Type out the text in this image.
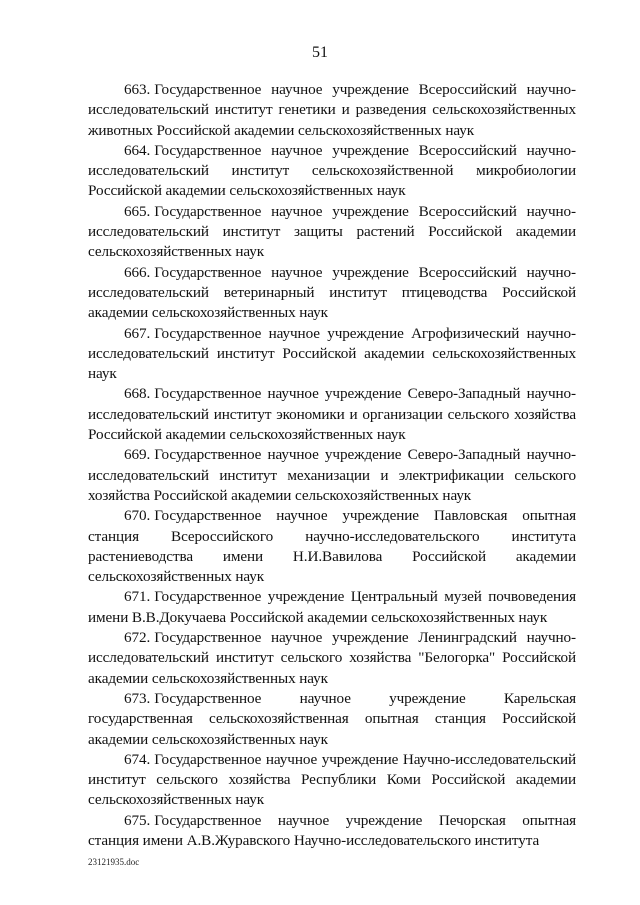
51

663. Государственное научное учреждение Всероссийский научно-исследовательский институт генетики и разведения сельскохозяйственных животных Российской академии сельскохозяйственных наук

664. Государственное научное учреждение Всероссийский научно-исследовательский институт сельскохозяйственной микробиологии Российской академии сельскохозяйственных наук

665. Государственное научное учреждение Всероссийский научно-исследовательский институт защиты растений Российской академии сельскохозяйственных наук

666. Государственное научное учреждение Всероссийский научно-исследовательский ветеринарный институт птицеводства Российской академии сельскохозяйственных наук

667. Государственное научное учреждение Агрофизический научно-исследовательский институт Российской академии сельскохозяйственных наук

668. Государственное научное учреждение Северо-Западный научно-исследовательский институт экономики и организации сельского хозяйства Российской академии сельскохозяйственных наук

669. Государственное научное учреждение Северо-Западный научно-исследовательский институт механизации и электрификации сельского хозяйства Российской академии сельскохозяйственных наук

670. Государственное научное учреждение Павловская опытная станция Всероссийского научно-исследовательского института растениеводства имени Н.И.Вавилова Российской академии сельскохозяйственных наук

671. Государственное учреждение Центральный музей почвоведения имени В.В.Докучаева Российской академии сельскохозяйственных наук

672. Государственное научное учреждение Ленинградский научно-исследовательский институт сельского хозяйства "Белогорка" Российской академии сельскохозяйственных наук

673. Государственное научное учреждение Карельская государственная сельскохозяйственная опытная станция Российской академии сельскохозяйственных наук

674. Государственное научное учреждение Научно-исследовательский институт сельского хозяйства Республики Коми Российской академии сельскохозяйственных наук

675. Государственное научное учреждение Печорская опытная станция имени А.В.Журавского Научно-исследовательского института

23121935.doc
